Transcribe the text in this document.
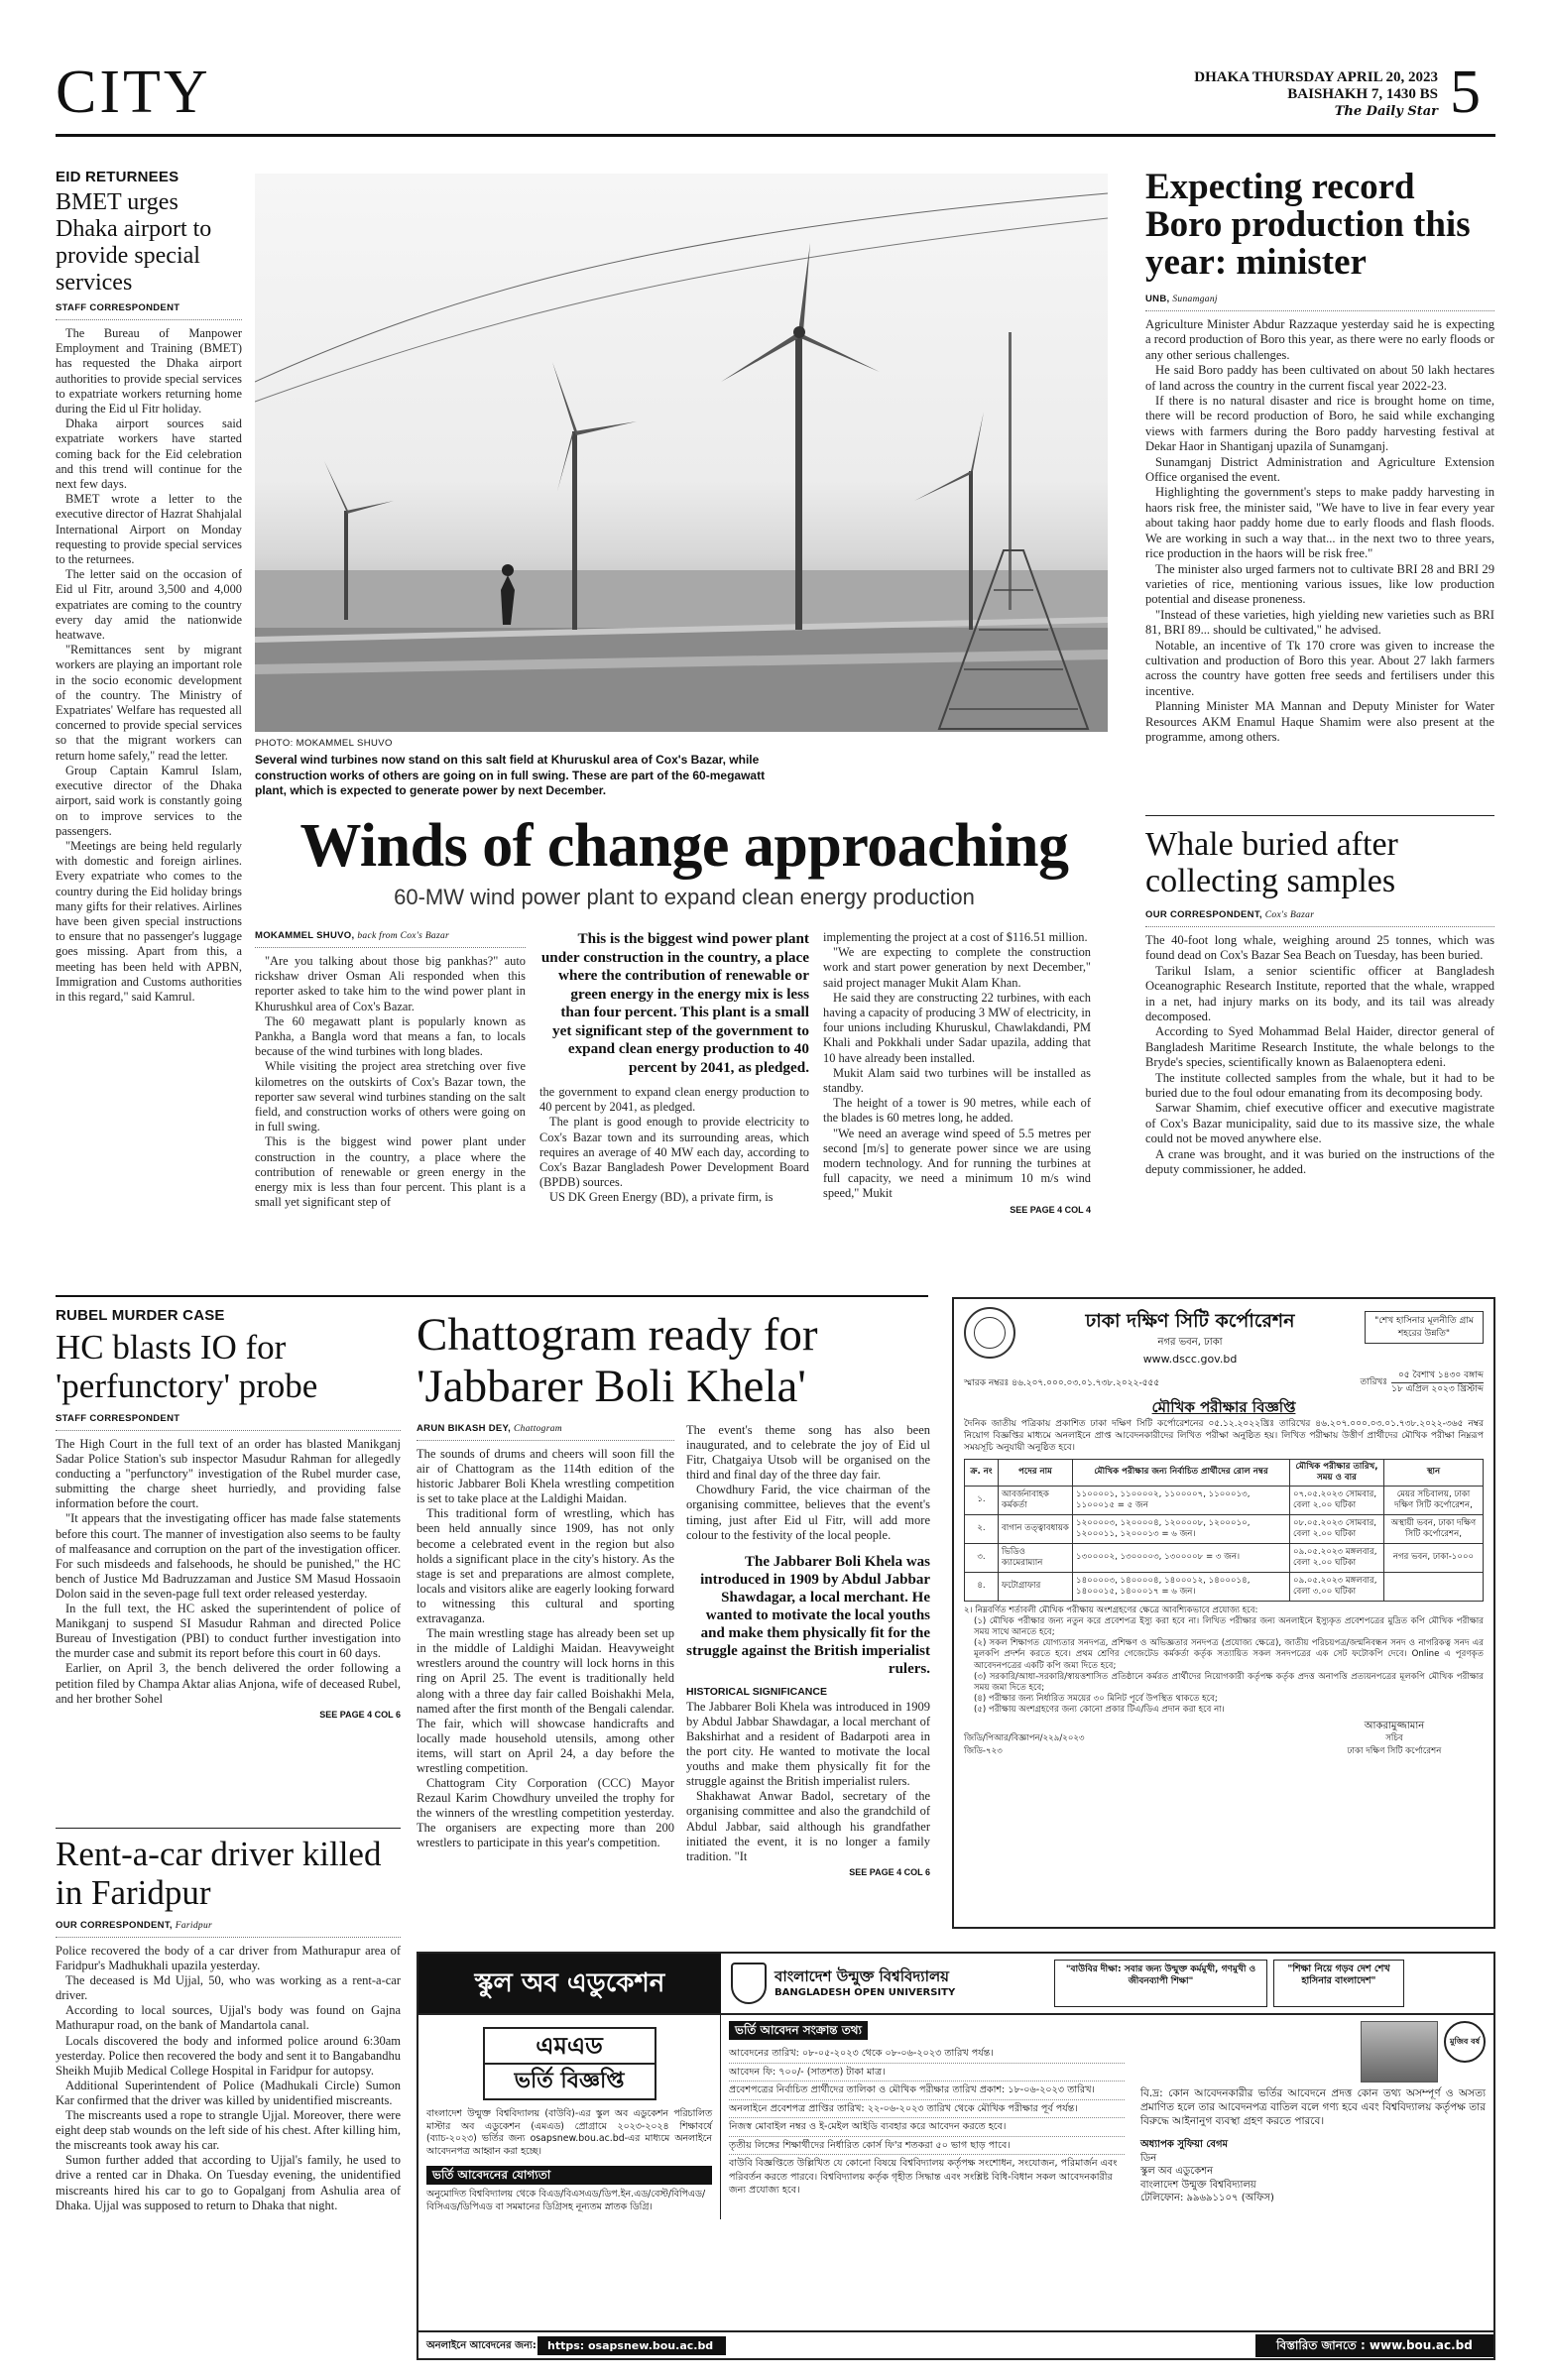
CITY	DHAKA THURSDAY APRIL 20, 2023
BAISHAKH 7, 1430 BS
The Daily Star 5
EID RETURNEES
BMET urges Dhaka airport to provide special services
STAFF CORRESPONDENT

The Bureau of Manpower Employment and Training (BMET) has requested the Dhaka airport authorities to provide special services to expatriate workers returning home during the Eid ul Fitr holiday.

Dhaka airport sources said expatriate workers have started coming back for the Eid celebration and this trend will continue for the next few days.

BMET wrote a letter to the executive director of Hazrat Shahjalal International Airport on Monday requesting to provide special services to the returnees.

The letter said on the occasion of Eid ul Fitr, around 3,500 and 4,000 expatriates are coming to the country every day amid the nationwide heatwave.

"Remittances sent by migrant workers are playing an important role in the socio economic development of the country. The Ministry of Expatriates' Welfare has requested all concerned to provide special services so that the migrant workers can return home safely," read the letter.

Group Captain Kamrul Islam, executive director of the Dhaka airport, said work is constantly going on to improve services to the passengers.

"Meetings are being held regularly with domestic and foreign airlines. Every expatriate who comes to the country during the Eid holiday brings many gifts for their relatives. Airlines have been given special instructions to ensure that no passenger's luggage goes missing. Apart from this, a meeting has been held with APBN, Immigration and Customs authorities in this regard," said Kamrul.

PHOTO: MOKAMMEL SHUVO
Several wind turbines now stand on this salt field at Khuruskul area of Cox's Bazar, while construction works of others are going on in full swing. These are part of the 60-megawatt plant, which is expected to generate power by next December.
Winds of change approaching
60-MW wind power plant to expand clean energy production
MOKAMMEL SHUVO, back from Cox's Bazar

"Are you talking about those big pankhas?" auto rickshaw driver Osman Ali responded when this reporter asked to take him to the wind power plant in Khurushkul area of Cox's Bazar.

The 60 megawatt plant is popularly known as Pankha, a Bangla word that means a fan, to locals because of the wind turbines with long blades.

While visiting the project area stretching over five kilometres on the outskirts of Cox's Bazar town, the reporter saw several wind turbines standing on the salt field, and construction works of others were going on in full swing.

This is the biggest wind power plant under construction in the country, a place where the contribution of renewable or green energy in the energy mix is less than four percent. This plant is a small yet significant step of

This is the biggest wind power plant under construction in the country, a place where the contribution of renewable or green energy in the energy mix is less than four percent. This plant is a small yet significant step of the government to expand clean energy production to 40 percent by 2041, as pledged.

the government to expand clean energy production to 40 percent by 2041, as pledged.

The plant is good enough to provide electricity to Cox's Bazar town and its surrounding areas, which requires an average of 40 MW each day, according to Cox's Bazar Bangladesh Power Development Board (BPDB) sources.

US DK Green Energy (BD), a private firm, is

implementing the project at a cost of $116.51 million.

"We are expecting to complete the construction work and start power generation by next December," said project manager Mukit Alam Khan.

He said they are constructing 22 turbines, with each having a capacity of producing 3 MW of electricity, in four unions including Khuruskul, Chawlakdandi, PM Khali and Pokkhali under Sadar upazila, adding that 10 have already been installed.

Mukit Alam said two turbines will be installed as standby.

The height of a tower is 90 metres, while each of the blades is 60 metres long, he added.

"We need an average wind speed of 5.5 metres per second [m/s] to generate power since we are using modern technology. And for running the turbines at full capacity, we need a minimum 10 m/s wind speed," Mukit

SEE PAGE 4 COL 4
Expecting record Boro production this year: minister
UNB, Sunamganj

Agriculture Minister Abdur Razzaque yesterday said he is expecting a record production of Boro this year, as there were no early floods or any other serious challenges.

He said Boro paddy has been cultivated on about 50 lakh hectares of land across the country in the current fiscal year 2022-23.

If there is no natural disaster and rice is brought home on time, there will be record production of Boro, he said while exchanging views with farmers during the Boro paddy harvesting festival at Dekar Haor in Shantiganj upazila of Sunamganj.

Sunamganj District Administration and Agriculture Extension Office organised the event.

Highlighting the government's steps to make paddy harvesting in haors risk free, the minister said, "We have to live in fear every year about taking haor paddy home due to early floods and flash floods. We are working in such a way that... in the next two to three years, rice production in the haors will be risk free."

The minister also urged farmers not to cultivate BRI 28 and BRI 29 varieties of rice, mentioning various issues, like low production potential and disease proneness.

"Instead of these varieties, high yielding new varieties such as BRI 81, BRI 89... should be cultivated," he advised.

Notable, an incentive of Tk 170 crore was given to increase the cultivation and production of Boro this year. About 27 lakh farmers across the country have gotten free seeds and fertilisers under this incentive.

Planning Minister MA Mannan and Deputy Minister for Water Resources AKM Enamul Haque Shamim were also present at the programme, among others.

Whale buried after collecting samples
OUR CORRESPONDENT, Cox's Bazar

The 40-foot long whale, weighing around 25 tonnes, which was found dead on Cox's Bazar Sea Beach on Tuesday, has been buried.

Tarikul Islam, a senior scientific officer at Bangladesh Oceanographic Research Institute, reported that the whale, wrapped in a net, had injury marks on its body, and its tail was already decomposed.

According to Syed Mohammad Belal Haider, director general of Bangladesh Maritime Research Institute, the whale belongs to the Bryde's species, scientifically known as Balaenoptera edeni.

The institute collected samples from the whale, but it had to be buried due to the foul odour emanating from its decomposing body.

Sarwar Shamim, chief executive officer and executive magistrate of Cox's Bazar municipality, said due to its massive size, the whale could not be moved anywhere else.

A crane was brought, and it was buried on the instructions of the deputy commissioner, he added.

RUBEL MURDER CASE
HC blasts IO for 'perfunctory' probe
STAFF CORRESPONDENT

The High Court in the full text of an order has blasted Manikganj Sadar Police Station's sub inspector Masudur Rahman for allegedly conducting a "perfunctory" investigation of the Rubel murder case, submitting the charge sheet hurriedly, and providing false information before the court.

"It appears that the investigating officer has made false statements before this court. The manner of investigation also seems to be faulty of malfeasance and corruption on the part of the investigation officer. For such misdeeds and falsehoods, he should be punished," the HC bench of Justice Md Badruzzaman and Justice SM Masud Hossaoin Dolon said in the seven-page full text order released yesterday.

In the full text, the HC asked the superintendent of police of Manikganj to suspend SI Masudur Rahman and directed Police Bureau of Investigation (PBI) to conduct further investigation into the murder case and submit its report before this court in 60 days.

Earlier, on April 3, the bench delivered the order following a petition filed by Champa Aktar alias Anjona, wife of deceased Rubel, and her brother Sohel

SEE PAGE 4 COL 6
Rent-a-car driver killed in Faridpur
OUR CORRESPONDENT, Faridpur

Police recovered the body of a car driver from Mathurapur area of Faridpur's Madhukhali upazila yesterday.

The deceased is Md Ujjal, 50, who was working as a rent-a-car driver.

According to local sources, Ujjal's body was found on Gajna Mathurapur road, on the bank of Mandartola canal.

Locals discovered the body and informed police around 6:30am yesterday. Police then recovered the body and sent it to Bangabandhu Sheikh Mujib Medical College Hospital in Faridpur for autopsy.

Additional Superintendent of Police (Madhukali Circle) Sumon Kar confirmed that the driver was killed by unidentified miscreants.

The miscreants used a rope to strangle Ujjal. Moreover, there were eight deep stab wounds on the left side of his chest. After killing him, the miscreants took away his car.

Sumon further added that according to Ujjal's family, he used to drive a rented car in Dhaka. On Tuesday evening, the unidentified miscreants hired his car to go to Gopalganj from Ashulia area of Dhaka. Ujjal was supposed to return to Dhaka that night.

Chattogram ready for 'Jabbarer Boli Khela'
ARUN BIKASH DEY, Chattogram

The sounds of drums and cheers will soon fill the air of Chattogram as the 114th edition of the historic Jabbarer Boli Khela wrestling competition is set to take place at the Laldighi Maidan.

This traditional form of wrestling, which has been held annually since 1909, has not only become a celebrated event in the region but also holds a significant place in the city's history. As the stage is set and preparations are almost complete, locals and visitors alike are eagerly looking forward to witnessing this cultural and sporting extravaganza.

The main wrestling stage has already been set up in the middle of Laldighi Maidan. Heavyweight wrestlers around the country will lock horns in this ring on April 25. The event is traditionally held along with a three day fair called Boishakhi Mela, named after the first month of the Bengali calendar. The fair, which will showcase handicrafts and locally made household utensils, among other items, will start on April 24, a day before the wrestling competition.

Chattogram City Corporation (CCC) Mayor Rezaul Karim Chowdhury unveiled the trophy for the winners of the wrestling competition yesterday. The organisers are expecting more than 200 wrestlers to participate in this year's competition.

The event's theme song has also been inaugurated, and to celebrate the joy of Eid ul Fitr, Chatgaiya Utsob will be organised on the third and final day of the three day fair.

Chowdhury Farid, the vice chairman of the organising committee, believes that the event's timing, just after Eid ul Fitr, will add more colour to the festivity of the local people.

The Jabbarer Boli Khela was introduced in 1909 by Abdul Jabbar Shawdagar, a local merchant. He wanted to motivate the local youths and make them physically fit for the struggle against the British imperialist rulers.
HISTORICAL SIGNIFICANCE

The Jabbarer Boli Khela was introduced in 1909 by Abdul Jabbar Shawdagar, a local merchant of Bakshirhat and a resident of Badarpoti area in the port city. He wanted to motivate the local youths and make them physically fit for the struggle against the British imperialist rulers.

Shakhawat Anwar Badol, secretary of the organising committee and also the grandchild of Abdul Jabbar, said although his grandfather initiated the event, it is no longer a family tradition. "It

SEE PAGE 4 COL 6
ঢাকা দক্ষিণ সিটি কর্পোরেশন
নগর ভবন, ঢাকা
www.dscc.gov.bd
"শেখ হাসিনার মূলনীতি গ্রাম শহরের উন্নতি"
স্মারক নম্বরঃ ৪৬.২০৭.০০০.০৩.০১.৭৩৮.২০২২-৫৫৫	তারিখঃ
০৫ বৈশাখ ১৪৩০ বঙ্গাব্দ
১৮ এপ্রিল ২০২৩ খ্রিস্টাব্দ
মৌখিক পরীক্ষার বিজ্ঞপ্তি
দৈনিক জাতীয় পত্রিকায় প্রকাশিত ঢাকা দক্ষিণ সিটি কর্পোরেশনের ০৫.১২.২০২২খ্রিঃ তারিখের ৪৬.২০৭.০০০.০৩.০১.৭৩৮.২০২২-৩৬৫ নম্বর নিয়োগ বিজ্ঞপ্তির মাধ্যমে অনলাইনে প্রাপ্ত আবেদনকারীদের লিখিত পরীক্ষা অনুষ্ঠিত হয়। লিখিত পরীক্ষায় উত্তীর্ণ প্রার্থীদের মৌখিক পরীক্ষা নিম্নরূপ সময়সূচি অনুযায়ী অনুষ্ঠিত হবে।
ক্র. নং	পদের নাম	মৌখিক পরীক্ষার জন্য নির্বাচিত প্রার্থীদের রোল নম্বর	মৌখিক পরীক্ষার তারিখ, সময় ও বার	স্থান
১.	আবর্জনাবাহক কর্মকর্তা	১১০০০০১, ১১০০০০২, ১১০০০০৭, ১১০০০১৩, ১১০০০১৫ = ৫ জন	০৭.০৫.২০২৩ সোমবার, বেলা ২.০০ ঘটিকা	মেয়র সচিবালয়, ঢাকা দক্ষিণ সিটি কর্পোরেশন,
২.	বাগান তত্ত্বাবধায়ক	১২০০০০৩, ১২০০০০৪, ১২০০০০৮, ১২০০০১০, ১২০০০১১, ১২০০০১৩ = ৬ জন।	০৮.০৫.২০২৩ সোমবার, বেলা ২.০০ ঘটিকা	অস্থায়ী ভবন, ঢাকা দক্ষিণ সিটি কর্পোরেশন,
৩.	ভিডিও ক্যামেরাম্যান	১৩০০০০২, ১৩০০০০৩, ১৩০০০০৮ = ৩ জন।	০৯.০৫.২০২৩ মঙ্গলবার, বেলা ২.০০ ঘটিকা	নগর ভবন, ঢাকা-১০০০
৪.	ফটোগ্রাফার	১৪০০০০৩, ১৪০০০০৪, ১৪০০০১২, ১৪০০০১৪, ১৪০০০১৫, ১৪০০০১৭ = ৬ জন।	০৯.০৫.২০২৩ মঙ্গলবার, বেলা ৩.০০ ঘটিকা	
২। নিম্নবর্ণিত শর্তাবলী মৌখিক পরীক্ষায় অংশগ্রহণের ক্ষেত্রে আবশ্যিকভাবে প্রযোজ্য হবে:
(১) মৌখিক পরীক্ষার জন্য নতুন করে প্রবেশপত্র ইস্যু করা হবে না। লিখিত পরীক্ষার জন্য অনলাইনে ইস্যুকৃত প্রবেশপত্রের মুদ্রিত কপি মৌখিক পরীক্ষার সময় সাথে আনতে হবে;
(২) সকল শিক্ষাগত যোগ্যতার সনদপত্র, প্রশিক্ষণ ও অভিজ্ঞতার সনদপত্র (প্রযোজ্য ক্ষেত্রে), জাতীয় পরিচয়পত্র/জন্মনিবন্ধন সনদ ও নাগরিকত্ব সনদ এর মূলকপি প্রদর্শন করতে হবে। প্রথম শ্রেণির গেজেটেড কর্মকর্তা কর্তৃক সত্যায়িত সকল সনদপত্রের এক সেট ফটোকপি দেবে। Online এ পূরণকৃত আবেদনপত্রের একটি কপি জমা দিতে হবে;
(৩) সরকারি/আধা-সরকারি/স্বায়ত্তশাসিত প্রতিষ্ঠানে কর্মরত প্রার্থীদের নিয়োগকারী কর্তৃপক্ষ কর্তৃক প্রদত্ত অনাপত্তি প্রত্যয়নপত্রের মূলকপি মৌখিক পরীক্ষার সময় জমা দিতে হবে;
(৪) পরীক্ষার জন্য নির্ধারিত সময়ের ৩০ মিনিট পূর্বে উপস্থিত থাকতে হবে;
(৫) পরীক্ষায় অংশগ্রহণের জন্য কোনো প্রকার টিএ/ডিএ প্রদান করা হবে না।
জিডি/পিআর/বিজ্ঞাপন/২২৯/২০২৩
জিডি-৭২৩
আকরামুজ্জামান
সচিব
ঢাকা দক্ষিণ সিটি কর্পোরেশন
স্কুল অব এডুকেশন	বাংলাদেশ উন্মুক্ত বিশ্ববিদ্যালয়
BANGLADESH OPEN UNIVERSITY
"বাউবির দীক্ষা: সবার জন্য উন্মুক্ত কর্মমুখী, গণমুখী ও জীবনব্যাপী শিক্ষা"
"শিক্ষা নিয়ে গড়ব দেশ শেখ হাসিনার বাংলাদেশ"
এমএড
ভর্তি বিজ্ঞপ্তি
বাংলাদেশ উন্মুক্ত বিশ্ববিদ্যালয় (বাউবি)-এর স্কুল অব এডুকেশন পরিচালিত মাস্টার অব এডুকেশন (এমএড) প্রোগ্রামে ২০২৩-২০২৪ শিক্ষাবর্ষে (ব্যাচ-২০২৩) ভর্তির জন্য osapsnew.bou.ac.bd-এর মাধ্যমে অনলাইনে আবেদনপত্র আহ্বান করা হচ্ছে।
ভর্তি আবেদনের যোগ্যতা
অনুমোদিত বিশ্ববিদ্যালয় থেকে বিএড/বিএসএড/ডিপ.ইন.এড/বেস্ট/বিপিএড/বিসিএড/ডিপিএড বা সমমানের ডিগ্রিসহ নূন্যতম স্নাতক ডিগ্রি।
ভর্তি আবেদন সংক্রান্ত তথ্য
আবেদনের তারিখ: ০৮-০৫-২০২৩ থেকে ০৮-০৬-২০২৩ তারিখ পর্যন্ত।
আবেদন ফি: ৭০০/- (সাতশত) টাকা মাত্র।
প্রবেশপত্রের নির্বাচিত প্রার্থীদের তালিকা ও মৌখিক পরীক্ষার তারিখ প্রকাশ: ১৮-০৬-২০২৩ তারিখ।
অনলাইনে প্রবেশপত্র প্রাপ্তির তারিখ: ২২-০৬-২০২৩ তারিখ থেকে মৌখিক পরীক্ষার পূর্ব পর্যন্ত।
নিজস্ব মোবাইল নম্বর ও ই-মেইল আইডি ব্যবহার করে আবেদন করতে হবে।
তৃতীয় লিঙ্গের শিক্ষার্থীদের নির্ধারিত কোর্স ফি'র শতকরা ৫০ ভাগ ছাড় পাবে।
বাউবি বিজ্ঞপ্তিতে উল্লিখিত যে কোনো বিষয়ে বিশ্ববিদ্যালয় কর্তৃপক্ষ সংশোধন, সংযোজন, পরিমার্জন এবং পরিবর্তন করতে পারবে। বিশ্ববিদ্যালয় কর্তৃক গৃহীত সিদ্ধান্ত এবং সংশ্লিষ্ট বিধি-বিধান সকল আবেদনকারীর জন্য প্রযোজ্য হবে।
মুজিব বর্ষ
বি.দ্র: কোন আবেদনকারীর ভর্তির আবেদনে প্রদত্ত কোন তথ্য অসম্পূর্ণ ও অসত্য প্রমাণিত হলে তার আবেদনপত্র বাতিল বলে গণ্য হবে এবং বিশ্ববিদ্যালয় কর্তৃপক্ষ তার বিরুদ্ধে আইনানুগ ব্যবস্থা গ্রহণ করতে পারবে।
অধ্যাপক সুফিয়া বেগম
ডিন
স্কুল অব এডুকেশন
বাংলাদেশ উন্মুক্ত বিশ্ববিদ্যালয়
টেলিফোন: ৯৯৬৯১১০৭ (অফিস)
অনলাইনে আবেদনের জন্য:	https: osapsnew.bou.ac.bd	বিস্তারিত জানতে : www.bou.ac.bd
